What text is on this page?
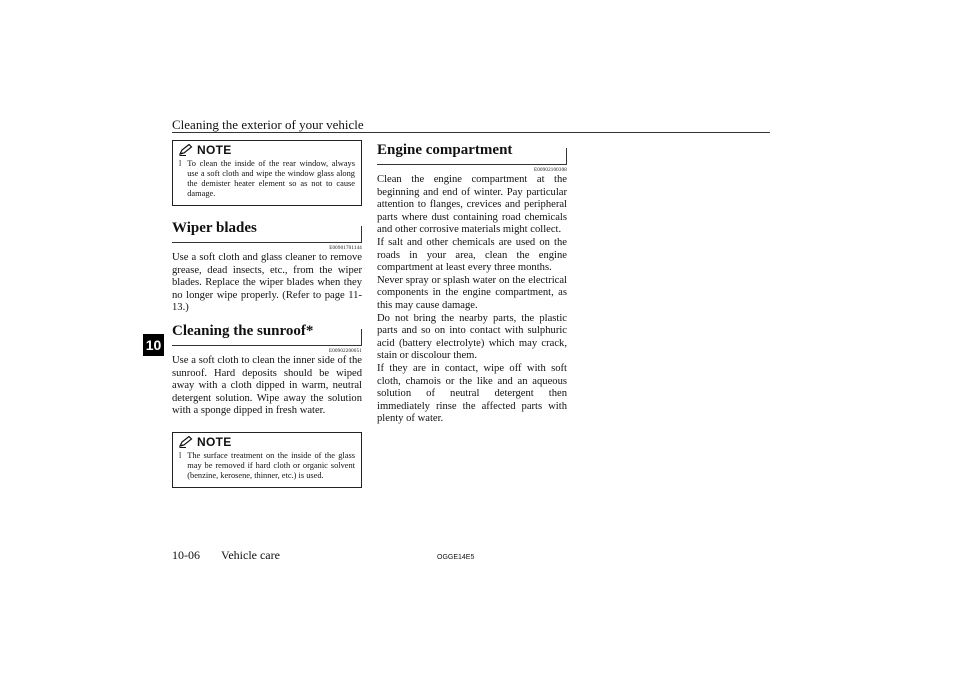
Cleaning the exterior of your vehicle
10
NOTE
l To clean the inside of the rear window, always use a soft cloth and wipe the window glass along the demister heater element so as not to cause damage.
Wiper blades
E00901701144

Use a soft cloth and glass cleaner to remove grease, dead insects, etc., from the wiper blades. Replace the wiper blades when they no longer wipe properly. (Refer to page 11-13.)

Cleaning the sunroof*
E00902200051

Use a soft cloth to clean the inner side of the sunroof. Hard deposits should be wiped away with a cloth dipped in warm, neutral detergent solution. Wipe away the solution with a sponge dipped in fresh water.

NOTE
l The surface treatment on the inside of the glass may be removed if hard cloth or organic solvent (benzine, kerosene, thinner, etc.) is used.
Engine compartment
E00902100308

Clean the engine compartment at the beginning and end of winter. Pay particular attention to flanges, crevices and peripheral parts where dust containing road chemicals and other corrosive materials might collect.

If salt and other chemicals are used on the roads in your area, clean the engine compartment at least every three months.

Never spray or splash water on the electrical components in the engine compartment, as this may cause damage.

Do not bring the nearby parts, the plastic parts and so on into contact with sulphuric acid (battery electrolyte) which may crack, stain or discolour them.

If they are in contact, wipe off with soft cloth, chamois or the like and an aqueous solution of neutral detergent then immediately rinse the affected parts with plenty of water.

10-06 Vehicle care	OGGE14E5
